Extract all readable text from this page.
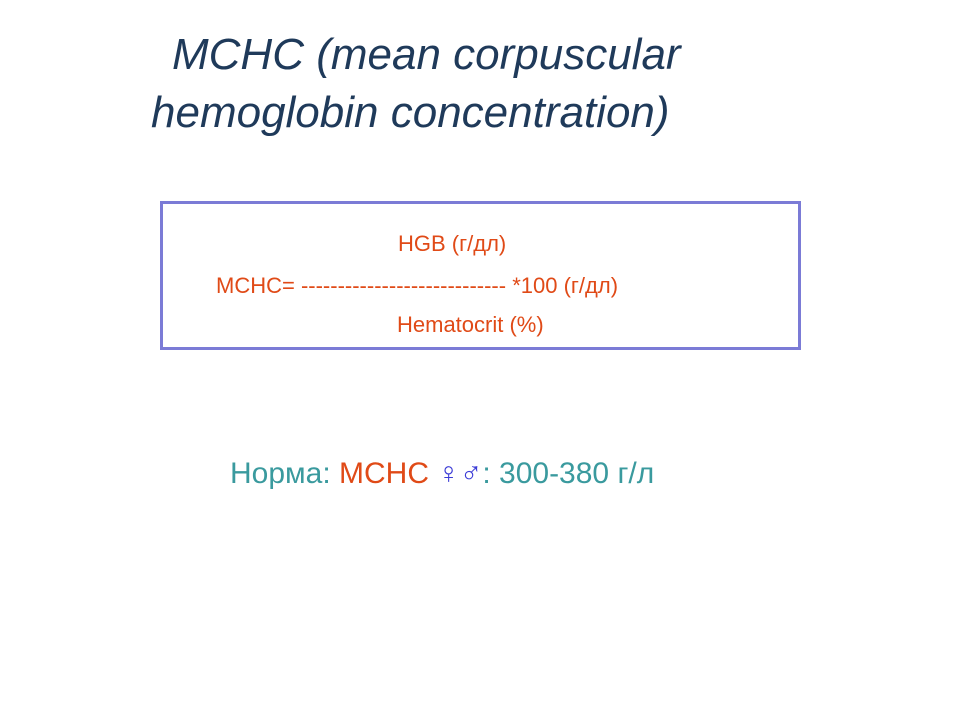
MCHC (mean corpuscular
hemoglobin concentration)
HGB (г/дл)
MCHC= ---------------------------- *100 (г/дл)
Hematocrit (%)
Норма: MCHC ♀♂: 300-380 г/л
